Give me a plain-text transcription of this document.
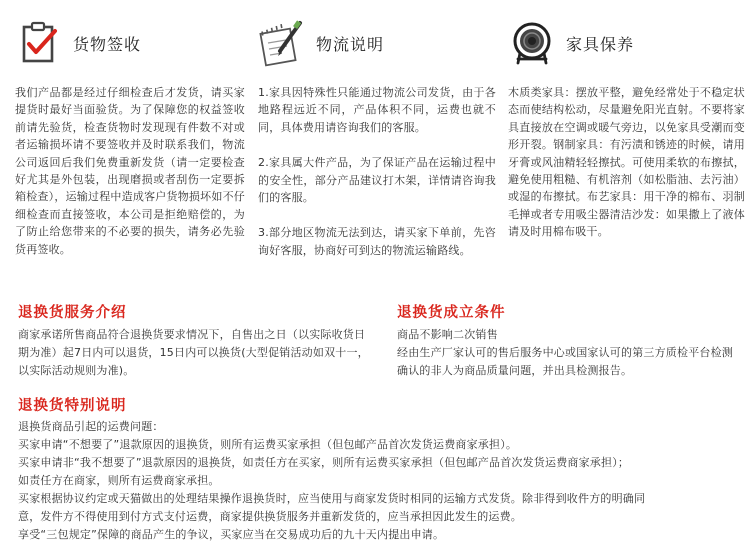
货物签收

我们产品都是经过仔细检查后才发货，请买家提货时最好当面验货。为了保障您的权益签收前请先验货，检查货物时发现现有件数不对或者运输损坏请不要签收并及时联系我们，物流公司返回后我们免费重新发货（请一定要检查好尤其是外包装，出现磨损或者刮伤一定要拆箱检查），运输过程中造成客户货物损坏如不仔细检查而直接签收，本公司是拒绝赔偿的，为了防止给您带来的不必要的损失，请务必先验货再签收。

物流说明

1.家具因特殊性只能通过物流公司发货，由于各地路程远近不同，产品体积不同，运费也就不同，具体费用请咨询我们的客服。

2.家具属大件产品，为了保证产品在运输过程中的安全性，部分产品建议打木架，详情请咨询我们的客服。

3.部分地区物流无法到达，请买家下单前，先咨询好客服，协商好可到达的物流运输路线。

家具保养

木质类家具：摆放平整，避免经常处于不稳定状态而使结构松动，尽量避免阳光直射。不要将家具直接放在空调或暖气旁边，以免家具受潮而变形开裂。钢制家具：有污渍和锈迹的时候，请用牙膏或风油精轻轻擦拭。可使用柔软的布擦拭，避免使用粗糙、有机溶剂（如松脂油、去污油）或湿的布擦拭。布艺家具：用干净的棉布、羽制毛掸或者专用吸尘器清洁沙发：如果撒上了液体请及时用棉布吸干。

退换货服务介绍
商家承诺所售商品符合退换货要求情况下，自售出之日（以实际收货日期为准）起7日内可以退货，15日内可以换货(大型促销活动如双十一，以实际活动规则为准)。
退换货成立条件

商品不影响二次销售

经由生产厂家认可的售后服务中心或国家认可的第三方质检平台检测确认的非人为商品质量问题，并出具检测报告。

退换货特别说明

退换货商品引起的运费问题：

买家申请“不想要了”退款原因的退换货，则所有运费买家承担（但包邮产品首次发货运费商家承担）。

买家申请非“我不想要了”退款原因的退换货，如责任方在买家，则所有运费买家承担（但包邮产品首次发货运费商家承担）；

如责任方在商家，则所有运费商家承担。

买家根据协议约定或天猫做出的处理结果操作退换货时，应当使用与商家发货时相同的运输方式发货。除非得到收件方的明确同

意，发件方不得使用到付方式支付运费，商家提供换货服务并重新发货的，应当承担因此发生的运费。

享受“三包规定”保障的商品产生的争议，买家应当在交易成功后的九十天内提出申请。
